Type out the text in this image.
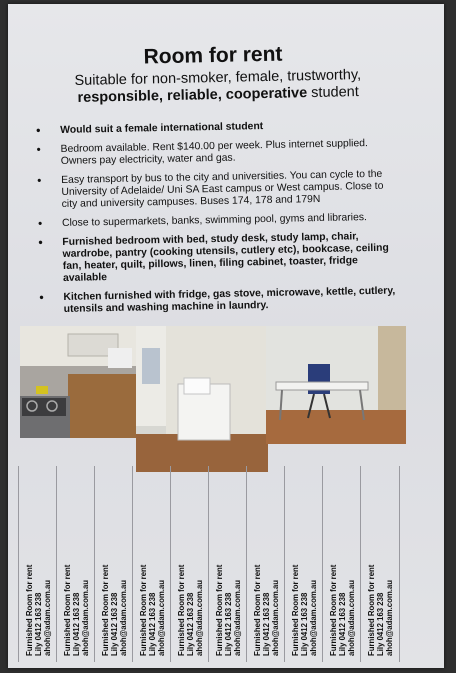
Room for rent
Suitable for non-smoker, female, trustworthy,
responsible, reliable, cooperative student
• Would suit a female international student
• Bedroom available. Rent $140.00 per week. Plus internet supplied. Owners pay electricity, water and gas.
• Easy transport by bus to the city and universities. You can cycle to the University of Adelaide/ Uni SA East campus or West campus. Close to city and university campuses. Buses 174, 178 and 179N
• Close to supermarkets, banks, swimming pool, gyms and libraries.
• Furnished bedroom with bed, study desk, study lamp, chair, wardrobe, pantry (cooking utensils, cutlery etc), bookcase, ceiling fan, heater, quilt, pillows, linen, filing cabinet, toaster, fridge available
• Kitchen furnished with fridge, gas stove, microwave, kettle, cutlery, utensils and washing machine in laundry.
Furnished Room for rent Lily 0412 163 238 ahoh@adam.com.au Furnished Room for rent Lily 0412 163 238 ahoh@adam.com.au Furnished Room for rent Lily 0412 163 238 ahoh@adam.com.au Furnished Room for rent Lily 0412 163 238 ahoh@adam.com.au Furnished Room for rent Lily 0412 163 238 ahoh@adam.com.au Furnished Room for rent Lily 0412 163 238 ahoh@adam.com.au Furnished Room for rent Lily 0412 163 238 ahoh@adam.com.au Furnished Room for rent Lily 0412 163 238 ahoh@adam.com.au Furnished Room for rent Lily 0412 163 238 ahoh@adam.com.au Furnished Room for rent Lily 0412 163 238 ahoh@adam.com.au
